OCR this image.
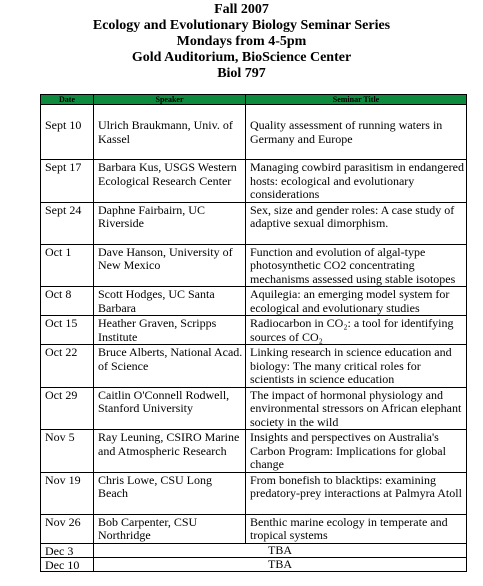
Fall 2007
Ecology and Evolutionary Biology Seminar Series
Mondays from 4-5pm
Gold Auditorium, BioScience Center
Biol 797
Date	Speaker	Seminar Title
Sept 10	Ulrich Braukmann, Univ. of Kassel	Quality assessment of running waters in Germany and Europe
Sept 17	Barbara Kus, USGS Western Ecological Research Center	Managing cowbird parasitism in endangered hosts: ecological and evolutionary considerations
Sept 24	Daphne Fairbairn, UC Riverside	Sex, size and gender roles: A case study of adaptive sexual dimorphism.
Oct 1	Dave Hanson, University of New Mexico	Function and evolution of algal-type photosynthetic CO2 concentrating mechanisms assessed using stable isotopes
Oct 8	Scott Hodges, UC Santa Barbara	Aquilegia: an emerging model system for ecological and evolutionary studies
Oct 15	Heather Graven, Scripps Institute	Radiocarbon in CO₂: a tool for identifying sources of CO₂
Oct 22	Bruce Alberts, National Acad. of Science	Linking research in science education and biology: The many critical roles for scientists in science education
Oct 29	Caitlin O'Connell Rodwell, Stanford University	The impact of hormonal physiology and environmental stressors on African elephant society in the wild
Nov 5	Ray Leuning, CSIRO Marine and Atmospheric Research	Insights and perspectives on Australia's Carbon Program: Implications for global change
Nov 19	Chris Lowe, CSU Long Beach	From bonefish to blacktips: examining predatory-prey interactions at Palmyra Atoll
Nov 26	Bob Carpenter, CSU Northridge	Benthic marine ecology in temperate and tropical systems
Dec 3	TBA	
Dec 10	TBA	
